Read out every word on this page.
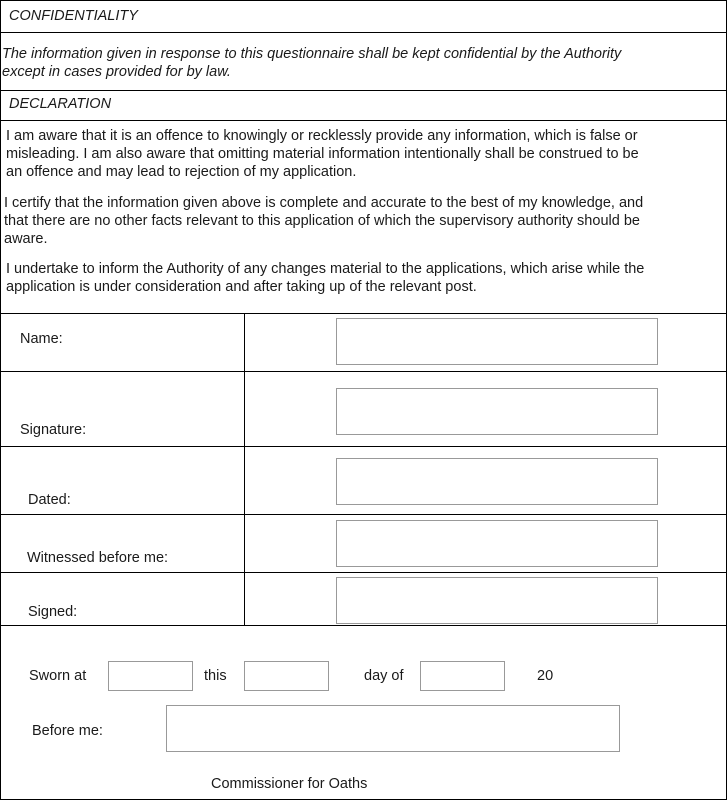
CONFIDENTIALITY
The information given in response to this questionnaire shall be kept confidential by the Authority
except in cases provided for by law.
DECLARATION
I am aware that it is an offence to knowingly or recklessly provide any information, which is false or
misleading. I am also aware that omitting material information intentionally shall be construed to be
an offence and may lead to rejection of my application.
I certify that the information given above is complete and accurate to the best of my knowledge, and
that there are no other facts relevant to this application of which the supervisory authority should be
aware.
I undertake to inform the Authority of any changes material to the applications, which arise while the
application is under consideration and after taking up of the relevant post.
Name:
Signature:
Dated:
Witnessed before me:
Signed:
Sworn at	this	day of	20
Before me:
Commissioner for Oaths
